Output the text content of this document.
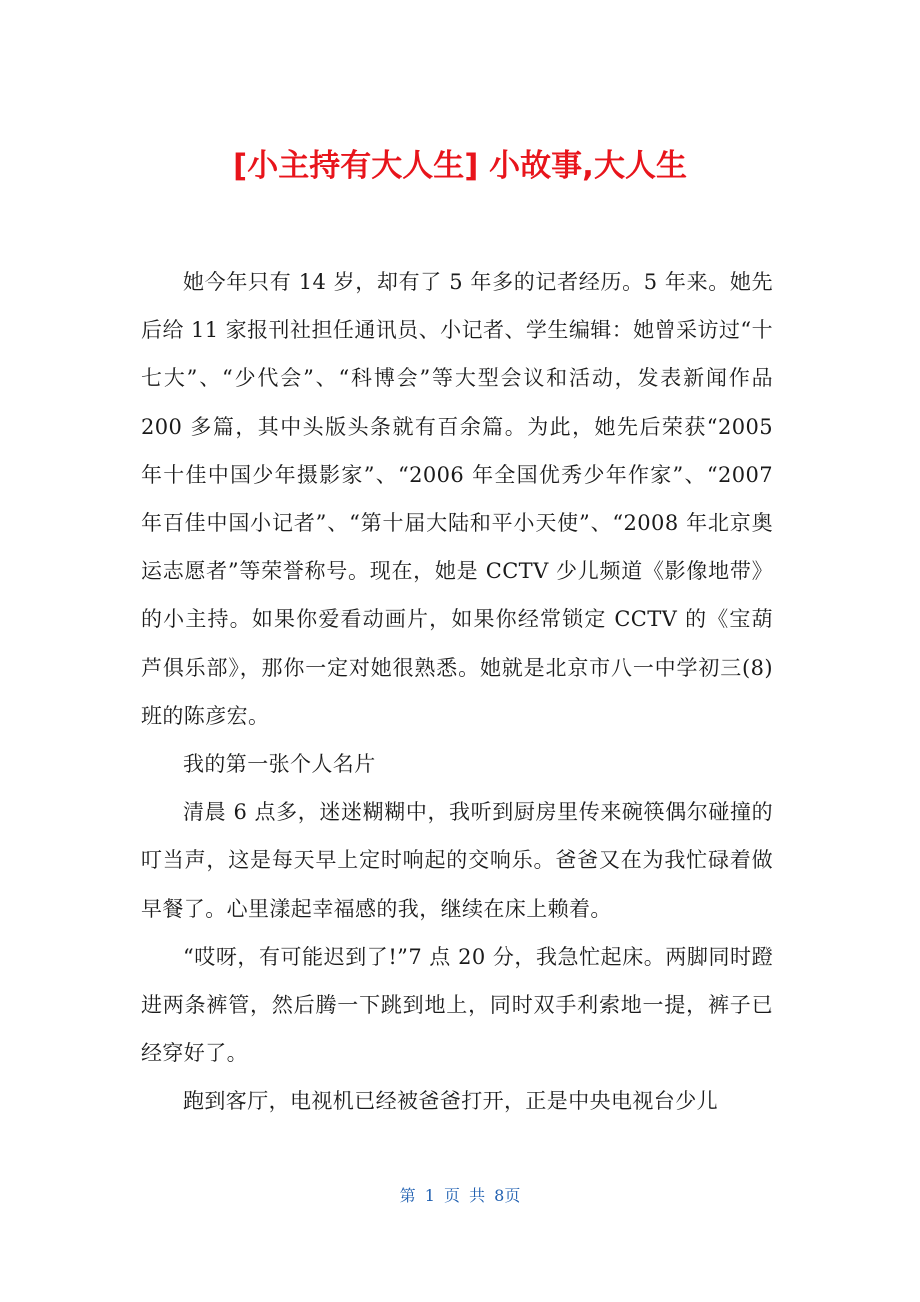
[小主持有大人生] 小故事,大人生

她今年只有 14 岁，却有了 5 年多的记者经历。5 年来。她先后给 11 家报刊社担任通讯员、小记者、学生编辑：她曾采访过“十七大”、“少代会”、“科博会”等大型会议和活动，发表新闻作品 200 多篇，其中头版头条就有百余篇。为此，她先后荣获“2005 年十佳中国少年摄影家”、“2006 年全国优秀少年作家”、“2007 年百佳中国小记者”、“第十届大陆和平小天使”、“2008 年北京奥运志愿者”等荣誉称号。现在，她是 CCTV 少儿频道《影像地带》的小主持。如果你爱看动画片，如果你经常锁定 CCTV 的《宝葫芦俱乐部》，那你一定对她很熟悉。她就是北京市八一中学初三(8)班的陈彦宏。

我的第一张个人名片

清晨 6 点多，迷迷糊糊中，我听到厨房里传来碗筷偶尔碰撞的叮当声，这是每天早上定时响起的交响乐。爸爸又在为我忙碌着做早餐了。心里漾起幸福感的我，继续在床上赖着。

“哎呀，有可能迟到了!”7 点 20 分，我急忙起床。两脚同时蹬进两条裤管，然后腾一下跳到地上，同时双手利索地一提，裤子已经穿好了。

跑到客厅，电视机已经被爸爸打开，正是中央电视台少儿

第 1 页 共 8页
